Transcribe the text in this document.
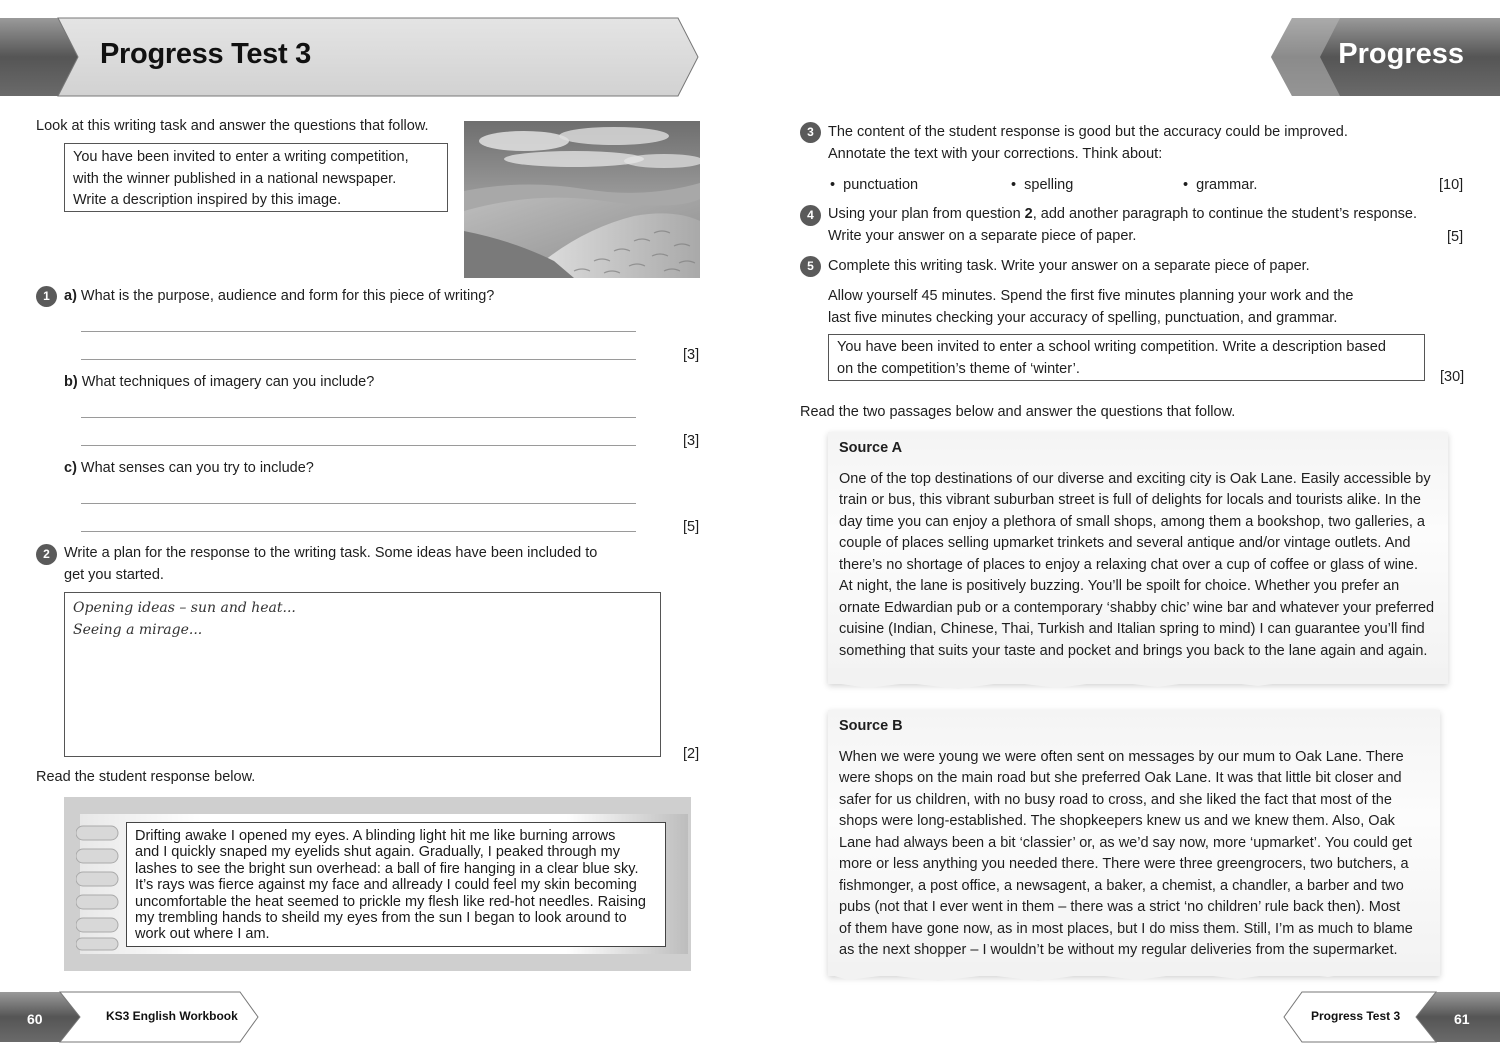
Progress Test 3	Progress
Look at this writing task and answer the questions that follow.
You have been invited to enter a writing competition,
with the winner published in a national newspaper.
Write a description inspired by this image.
1 a) What is the purpose, audience and form for this piece of writing?
[3]
b) What techniques of imagery can you include?
[3]
c) What senses can you try to include?
[5]
2 Write a plan for the response to the writing task. Some ideas have been included to
get you started.
Opening ideas – sun and heat...
Seeing a mirage...
[2]
Read the student response below.
Drifting awake I opened my eyes. A blinding light hit me like burning arrows
and I quickly snaped my eyelids shut again. Gradually, I peaked through my
lashes to see the bright sun overhead: a ball of fire hanging in a clear blue sky.
It’s rays was fierce against my face and allready I could feel my skin becoming
uncomfortable the heat seemed to prickle my flesh like red-hot needles. Raising
my trembling hands to sheild my eyes from the sun I began to look around to
work out where I am.
3 The content of the student response is good but the accuracy could be improved.
Annotate the text with your corrections. Think about:
•  punctuation	•  spelling	•  grammar.	[10]
4 Using your plan from question 2, add another paragraph to continue the student’s response.
Write your answer on a separate piece of paper.	[5]
5 Complete this writing task. Write your answer on a separate piece of paper.
Allow yourself 45 minutes. Spend the first five minutes planning your work and the
last five minutes checking your accuracy of spelling, punctuation, and grammar.
You have been invited to enter a school writing competition. Write a description based
on the competition’s theme of ‘winter’.
[30]
Read the two passages below and answer the questions that follow.
Source A
One of the top destinations of our diverse and exciting city is Oak Lane. Easily accessible by
train or bus, this vibrant suburban street is full of delights for locals and tourists alike. In the
day time you can enjoy a plethora of small shops, among them a bookshop, two galleries, a
couple of places selling upmarket trinkets and several antique and/or vintage outlets. And
there’s no shortage of places to enjoy a relaxing chat over a cup of coffee or glass of wine.
At night, the lane is positively buzzing. You’ll be spoilt for choice. Whether you prefer an
ornate Edwardian pub or a contemporary ‘shabby chic’ wine bar and whatever your preferred
cuisine (Indian, Chinese, Thai, Turkish and Italian spring to mind) I can guarantee you’ll find
something that suits your taste and pocket and brings you back to the lane again and again.
Source B
When we were young we were often sent on messages by our mum to Oak Lane. There
were shops on the main road but she preferred Oak Lane. It was that little bit closer and
safer for us children, with no busy road to cross, and she liked the fact that most of the
shops were long-established. The shopkeepers knew us and we knew them. Also, Oak
Lane had always been a bit ‘classier’ or, as we’d say now, more ‘upmarket’. You could get
more or less anything you needed there. There were three greengrocers, two butchers, a
fishmonger, a post office, a newsagent, a baker, a chemist, a chandler, a barber and two
pubs (not that I ever went in them – there was a strict ‘no children’ rule back then). Most
of them have gone now, as in most places, but I do miss them. Still, I’m as much to blame
as the next shopper – I wouldn’t be without my regular deliveries from the supermarket.
60	KS3 English Workbook	Progress Test 3	61
